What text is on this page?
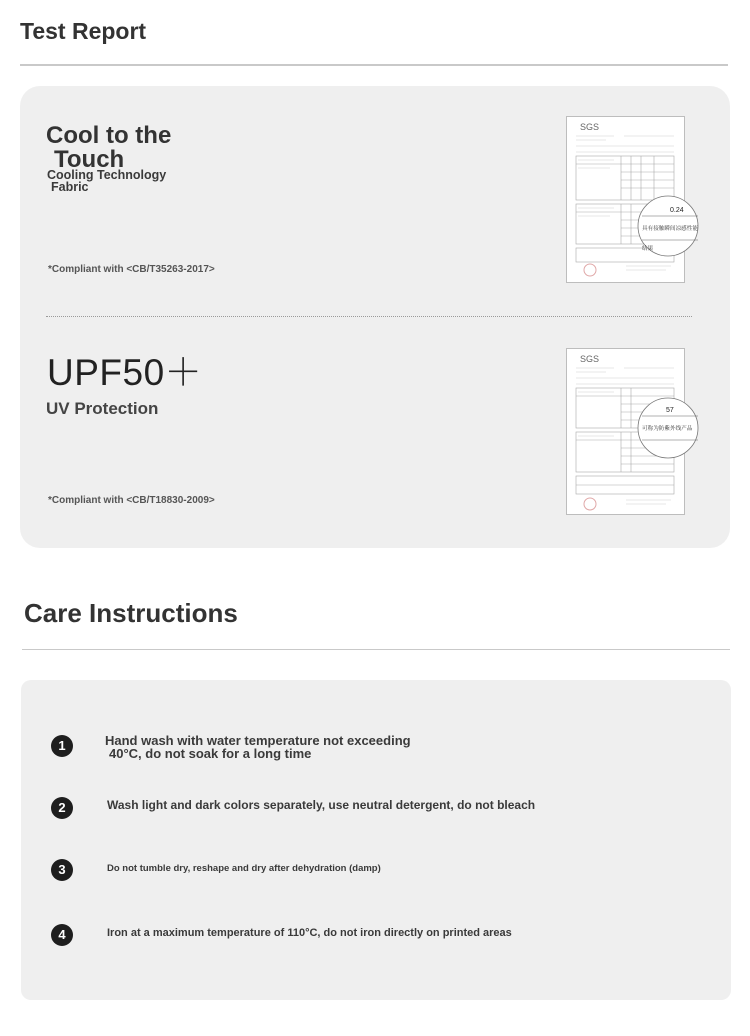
Test Report
Cool to the
Touch
Cooling Technology
Fabric
*Compliant with <CB/T35263-2017>
SGS
0.24
具有接触瞬间凉感性能
结果
UPF50＋
UV Protection
*Compliant with <CB/T18830-2009>
SGS
57
可称为防紫外线产品
Care Instructions
1	Hand wash with water temperature not exceeding
40°C, do not soak for a long time
2	Wash light and dark colors separately, use neutral detergent, do not bleach
3	Do not tumble dry, reshape and dry after dehydration (damp)
4	Iron at a maximum temperature of 110°C, do not iron directly on printed areas
